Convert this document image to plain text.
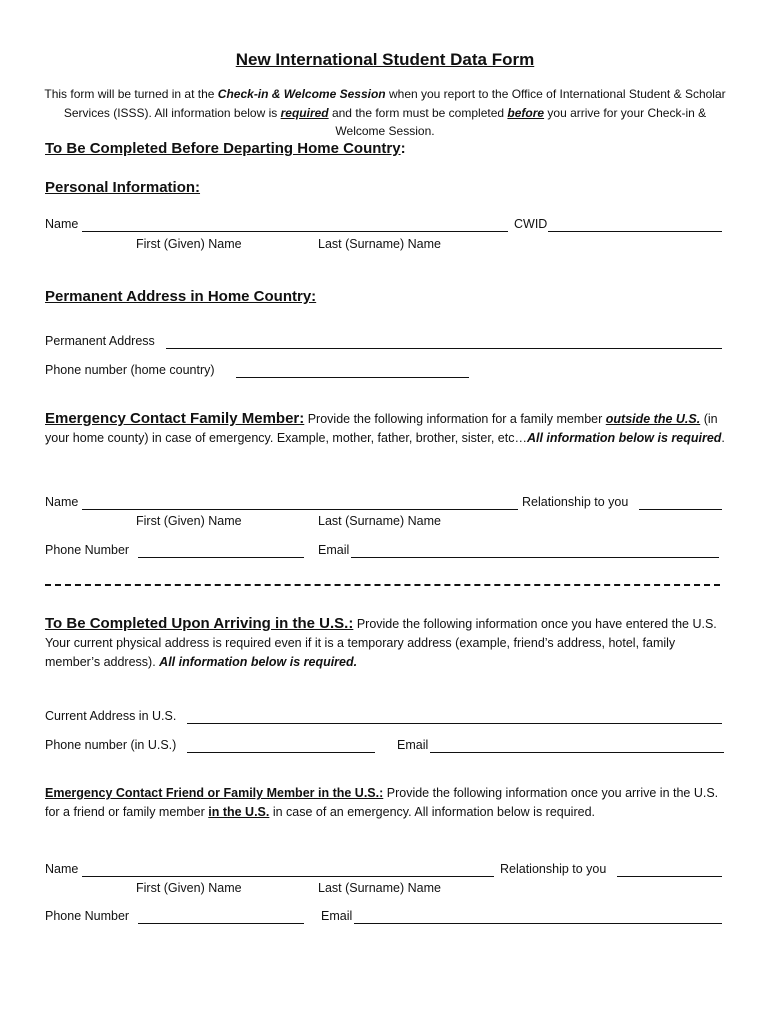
New International Student Data Form
This form will be turned in at the Check-in & Welcome Session when you report to the Office of International Student & Scholar Services (ISSS). All information below is required and the form must be completed before you arrive for your Check-in & Welcome Session.
To Be Completed Before Departing Home Country:
Personal Information:
Name	CWID
First (Given) Name	Last (Surname) Name
Permanent Address in Home Country:
Permanent Address
Phone number (home country)
Emergency Contact Family Member: Provide the following information for a family member outside the U.S. (in your home county) in case of emergency. Example, mother, father, brother, sister, etc…All information below is required.
Name	Relationship to you
First (Given) Name	Last (Surname) Name
Phone Number	Email
To Be Completed Upon Arriving in the U.S.: Provide the following information once you have entered the U.S. Your current physical address is required even if it is a temporary address (example, friend’s address, hotel, family member’s address). All information below is required.
Current Address in U.S.
Phone number (in U.S.)	Email
Emergency Contact Friend or Family Member in the U.S.: Provide the following information once you arrive in the U.S. for a friend or family member in the U.S. in case of an emergency. All information below is required.
Name	Relationship to you
First (Given) Name	Last (Surname) Name
Phone Number	Email
